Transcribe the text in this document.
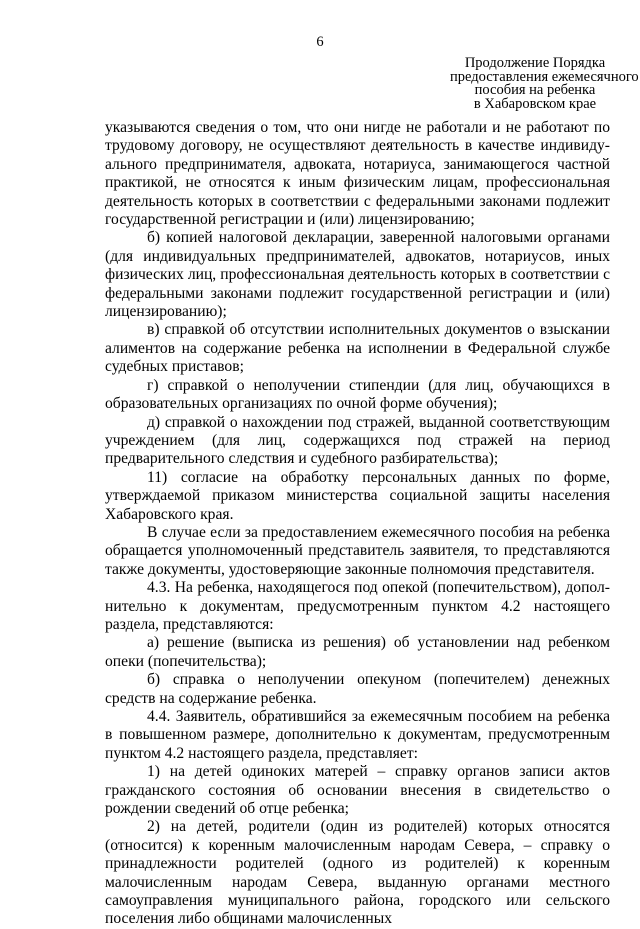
6
Продолжение Порядка
предоставления ежемесячного
пособия на ребенка
в Хабаровском крае

указываются сведения о том, что они нигде не работали и не работают по трудовому договору, не осуществляют деятельность в качестве индивидуального предпринимателя, адвоката, нотариуса, занимающегося частной практикой, не относятся к иным физическим лицам, профессиональная деятельность которых в соответствии с федеральными законами подлежит государственной регистрации и (или) лицензированию;

б) копией налоговой декларации, заверенной налоговыми органами (для индивидуальных предпринимателей, адвокатов, нотариусов, иных физических лиц, профессиональная деятельность которых в соответствии с федеральными законами подлежит государственной регистрации и (или) лицензированию);

в) справкой об отсутствии исполнительных документов о взыскании алиментов на содержание ребенка на исполнении в Федеральной службе судебных приставов;

г) справкой о неполучении стипендии (для лиц, обучающихся в образовательных организациях по очной форме обучения);

д) справкой о нахождении под стражей, выданной соответствующим учреждением (для лиц, содержащихся под стражей на период предварительного следствия и судебного разбирательства);

11) согласие на обработку персональных данных по форме, утверждаемой приказом министерства социальной защиты населения Хабаровского края.

В случае если за предоставлением ежемесячного пособия на ребенка обращается уполномоченный представитель заявителя, то представляются также документы, удостоверяющие законные полномочия представителя.

4.3. На ребенка, находящегося под опекой (попечительством), дополнительно к документам, предусмотренным пунктом 4.2 настоящего раздела, представляются:

а) решение (выписка из решения) об установлении над ребенком опеки (попечительства);

б) справка о неполучении опекуном (попечителем) денежных средств на содержание ребенка.

4.4. Заявитель, обратившийся за ежемесячным пособием на ребенка в повышенном размере, дополнительно к документам, предусмотренным пунктом 4.2 настоящего раздела, представляет:

1) на детей одиноких матерей – справку органов записи актов гражданского состояния об основании внесения в свидетельство о рождении сведений об отце ребенка;

2) на детей, родители (один из родителей) которых относятся (относится) к коренным малочисленным народам Севера, – справку о принадлежности родителей (одного из родителей) к коренным малочисленным народам Севера, выданную органами местного самоуправления муниципального района, городского или сельского поселения либо общинами малочисленных
